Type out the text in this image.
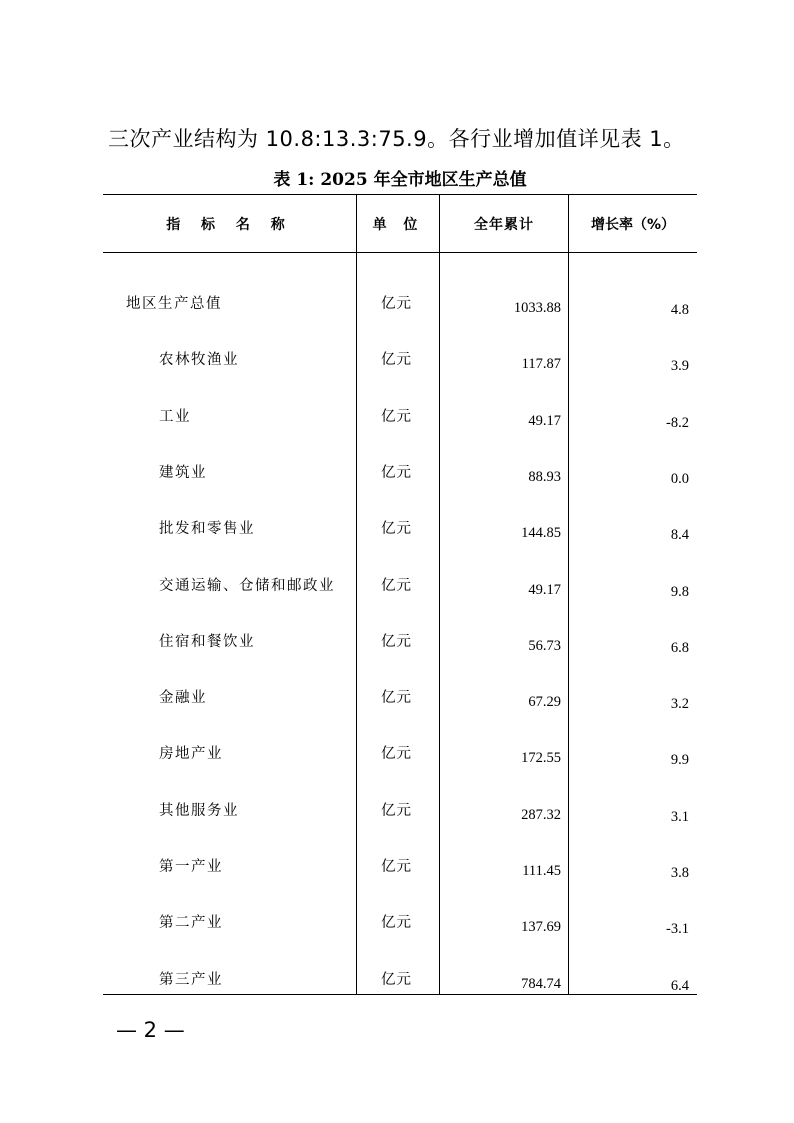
三次产业结构为 10.8:13.3:75.9。各行业增加值详见表 1。
表 1: 2025 年全市地区生产总值
指 标 名 称	单 位	全年累计	增长率（%）
地区生产总值	亿元	1033.88	4.8
农林牧渔业	亿元	117.87	3.9
工业	亿元	49.17	-8.2
建筑业	亿元	88.93	0.0
批发和零售业	亿元	144.85	8.4
交通运输、仓储和邮政业	亿元	49.17	9.8
住宿和餐饮业	亿元	56.73	6.8
金融业	亿元	67.29	3.2
房地产业	亿元	172.55	9.9
其他服务业	亿元	287.32	3.1
第一产业	亿元	111.45	3.8
第二产业	亿元	137.69	-3.1
第三产业	亿元	784.74	6.4
— 2 —
